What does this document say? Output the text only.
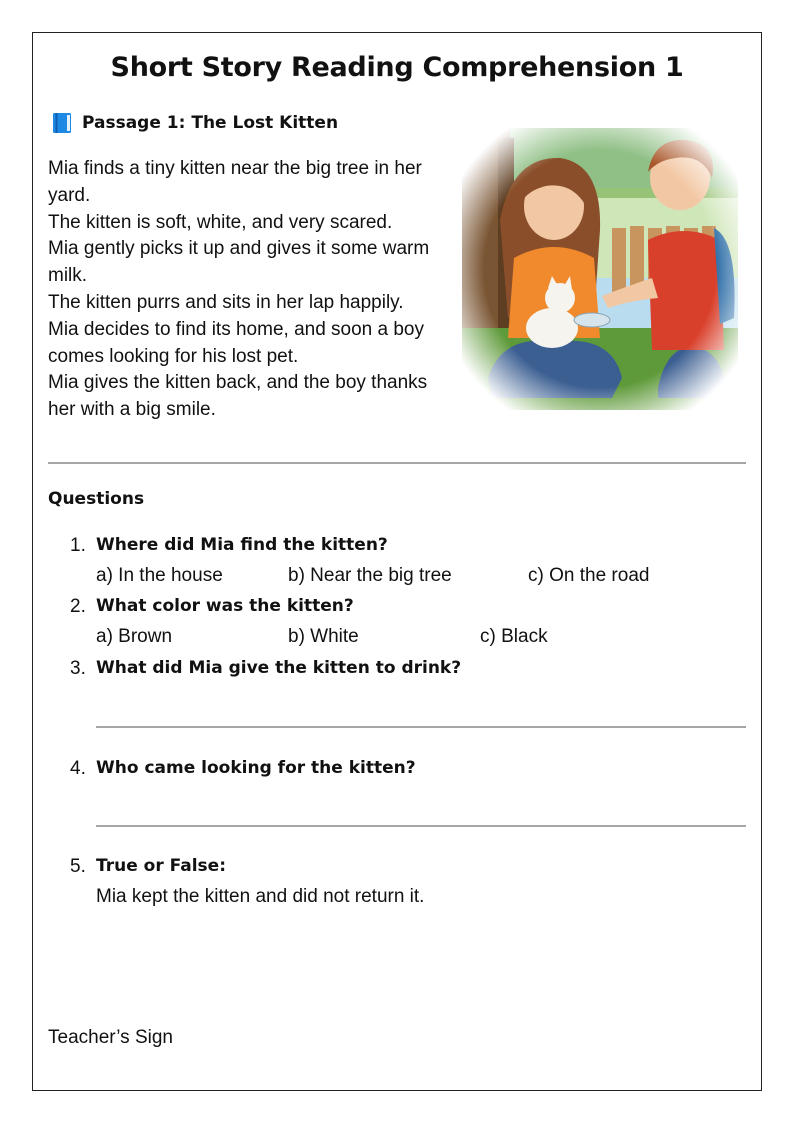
Short Story Reading Comprehension 1
Passage 1: The Lost Kitten

Mia finds a tiny kitten near the big tree in her yard.

The kitten is soft, white, and very scared.

Mia gently picks it up and gives it some warm milk.

The kitten purrs and sits in her lap happily.

Mia decides to find its home, and soon a boy comes looking for his lost pet.

Mia gives the kitten back, and the boy thanks her with a big smile.

Questions
1. Where did Mia find the kitten?
a) In the house	b) Near the big tree	c) On the road
2. What color was the kitten?
a) Brown	b) White	c) Black
3. What did Mia give the kitten to drink?
4. Who came looking for the kitten?
5. True or False:
Mia kept the kitten and did not return it.
Teacher’s Sign
